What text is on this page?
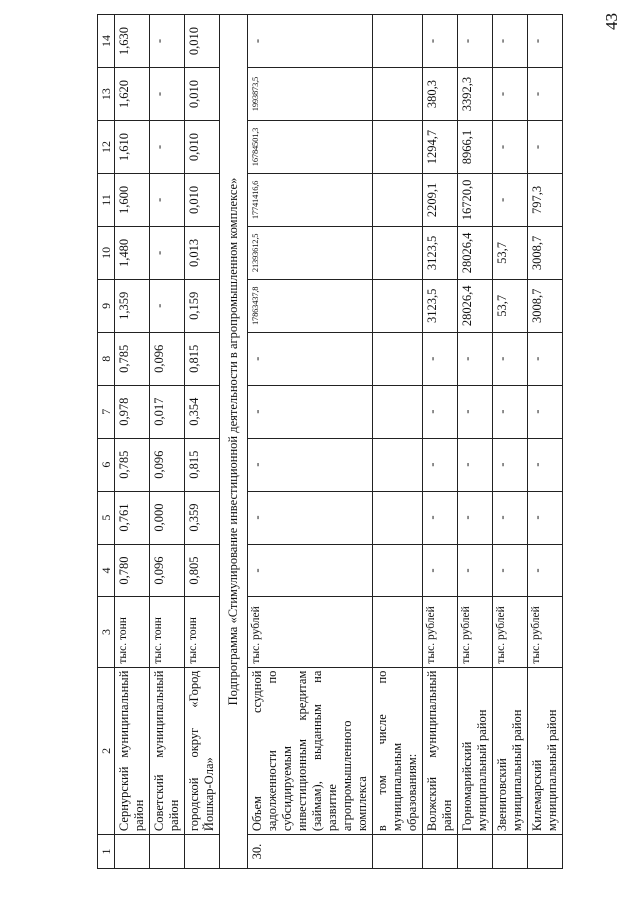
43
1	2	3	4	5	6	7	8	9	10	11	12	13	14
	Сернурский муниципальный район	тыс. тонн	0,780	0,761	0,785	0,978	0,785	1,359	1,480	1,600	1,610	1,620	1,630
	Советский муниципальный район	тыс. тонн	0,096	0,000	0,096	0,017	0,096	-	-	-	-	-	-
	городской округ «Город Йошкар-Ола»	тыс. тонн	0,805	0,359	0,815	0,354	0,815	0,159	0,013	0,010	0,010	0,010	0,010
Подпрограмма «Стимулирование инвестиционной деятельности в агропромышленном комплексе»													
30.	Объем ссудной задолженности по субсидируемым инвестиционным кредитам (займам), выданным на развитие агропромышленного комплекса	тыс. рублей	-	-	-	-	-	17863437,8	21393612,5	17741416,6	16784501,3	1993873,5	-
	в том числе по муниципальным образованиям:												
	Волжский муниципальный район	тыс. рублей	-	-	-	-	-	3123,5	3123,5	2209,1	1294,7	380,3	-
	Горномарийский муниципальный район	тыс. рублей	-	-	-	-	-	28026,4	28026,4	16720,0	8966,1	3392,3	-
	Звениговский муниципальный район	тыс. рублей	-	-	-	-	-	53,7	53,7	-	-	-	-
	Килемарский муниципальный район	тыс. рублей	-	-	-	-	-	3008,7	3008,7	797,3	-	-	-
